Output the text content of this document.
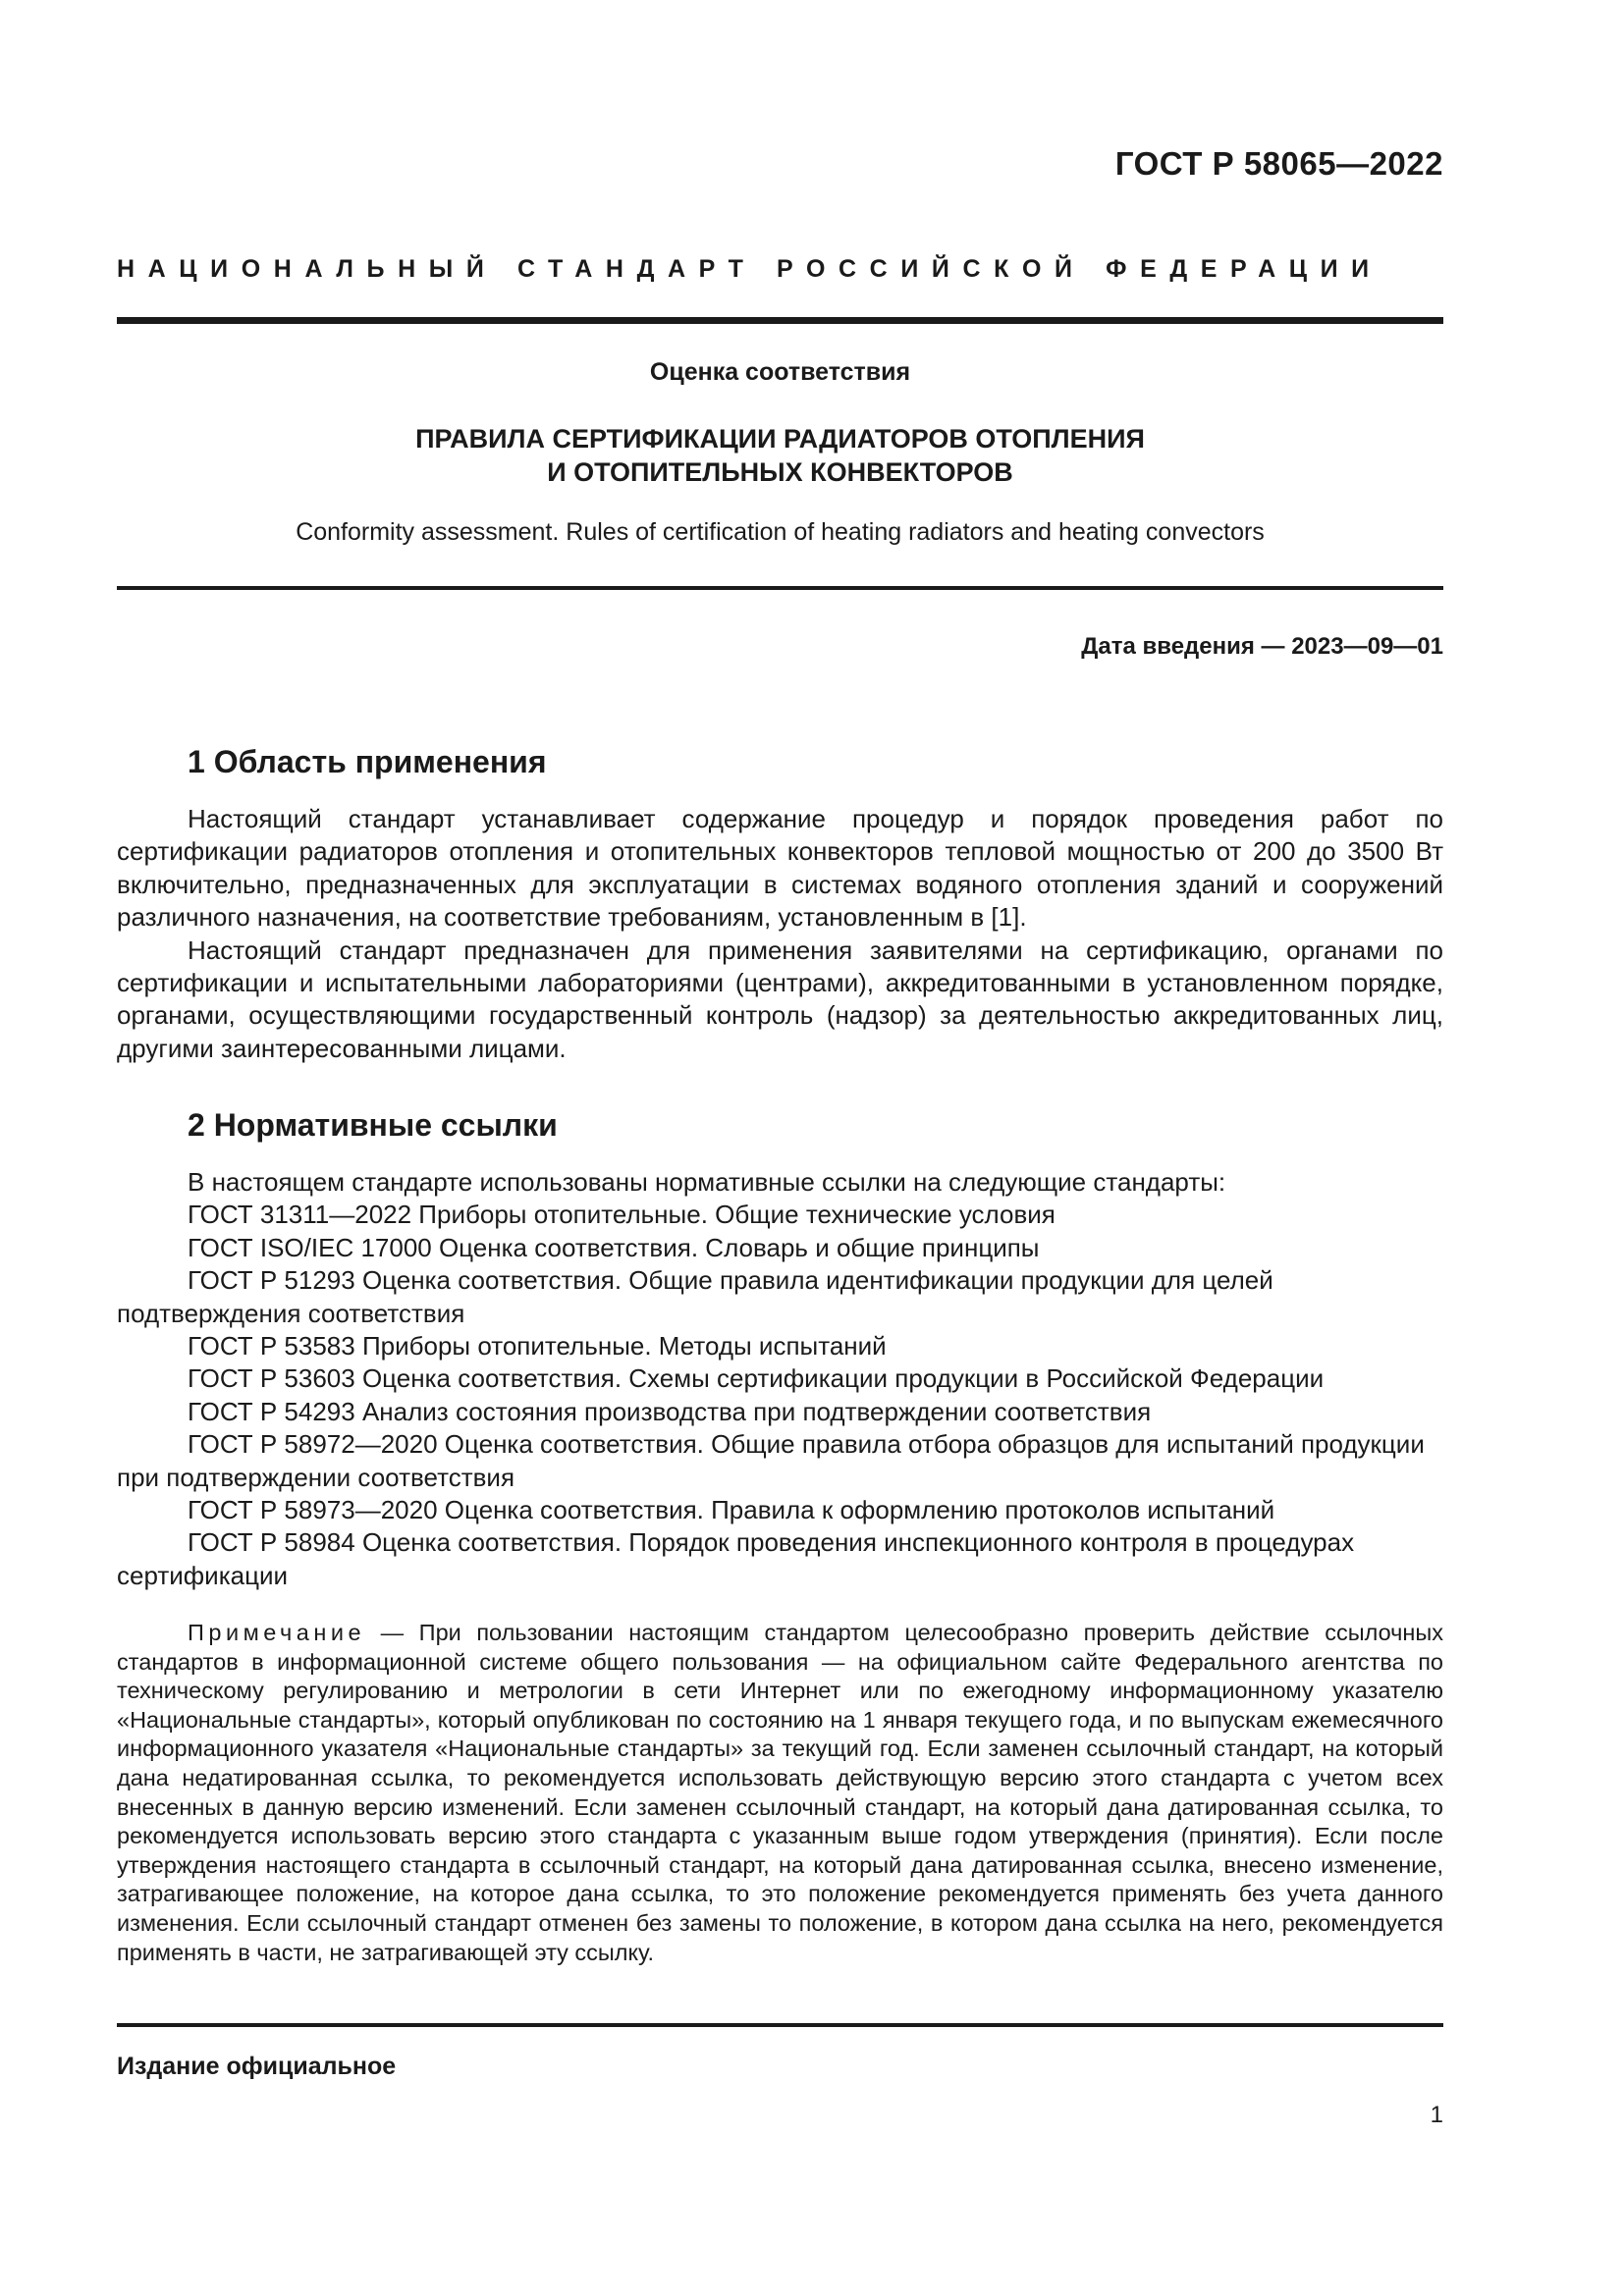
ГОСТ Р 58065—2022
НАЦИОНАЛЬНЫЙ СТАНДАРТ РОССИЙСКОЙ ФЕДЕРАЦИИ
Оценка соответствия
ПРАВИЛА СЕРТИФИКАЦИИ РАДИАТОРОВ ОТОПЛЕНИЯ
И ОТОПИТЕЛЬНЫХ КОНВЕКТОРОВ
Conformity assessment. Rules of certification of heating radiators and heating convectors
Дата введения — 2023—09—01
1 Область применения

Настоящий стандарт устанавливает содержание процедур и порядок проведения работ по сертификации радиаторов отопления и отопительных конвекторов тепловой мощностью от 200 до 3500 Вт включительно, предназначенных для эксплуатации в системах водяного отопления зданий и сооружений различного назначения, на соответствие требованиям, установленным в [1].

Настоящий стандарт предназначен для применения заявителями на сертификацию, органами по сертификации и испытательными лабораториями (центрами), аккредитованными в установленном порядке, органами, осуществляющими государственный контроль (надзор) за деятельностью аккредитованных лиц, другими заинтересованными лицами.

2 Нормативные ссылки

В настоящем стандарте использованы нормативные ссылки на следующие стандарты:

ГОСТ 31311—2022 Приборы отопительные. Общие технические условия

ГОСТ ISO/IEC 17000 Оценка соответствия. Словарь и общие принципы

ГОСТ Р 51293 Оценка соответствия. Общие правила идентификации продукции для целей подтверждения соответствия

ГОСТ Р 53583 Приборы отопительные. Методы испытаний

ГОСТ Р 53603 Оценка соответствия. Схемы сертификации продукции в Российской Федерации

ГОСТ Р 54293 Анализ состояния производства при подтверждении соответствия

ГОСТ Р 58972—2020 Оценка соответствия. Общие правила отбора образцов для испытаний продукции при подтверждении соответствия

ГОСТ Р 58973—2020 Оценка соответствия. Правила к оформлению протоколов испытаний

ГОСТ Р 58984 Оценка соответствия. Порядок проведения инспекционного контроля в процедурах сертификации

Примечание — При пользовании настоящим стандартом целесообразно проверить действие ссылочных стандартов в информационной системе общего пользования — на официальном сайте Федерального агентства по техническому регулированию и метрологии в сети Интернет или по ежегодному информационному указателю «Национальные стандарты», который опубликован по состоянию на 1 января текущего года, и по выпускам ежемесячного информационного указателя «Национальные стандарты» за текущий год. Если заменен ссылочный стандарт, на который дана недатированная ссылка, то рекомендуется использовать действующую версию этого стандарта с учетом всех внесенных в данную версию изменений. Если заменен ссылочный стандарт, на который дана датированная ссылка, то рекомендуется использовать версию этого стандарта с указанным выше годом утверждения (принятия). Если после утверждения настоящего стандарта в ссылочный стандарт, на который дана датированная ссылка, внесено изменение, затрагивающее положение, на которое дана ссылка, то это положение рекомендуется применять без учета данного изменения. Если ссылочный стандарт отменен без замены то положение, в котором дана ссылка на него, рекомендуется применять в части, не затрагивающей эту ссылку.

Издание официальное
1
